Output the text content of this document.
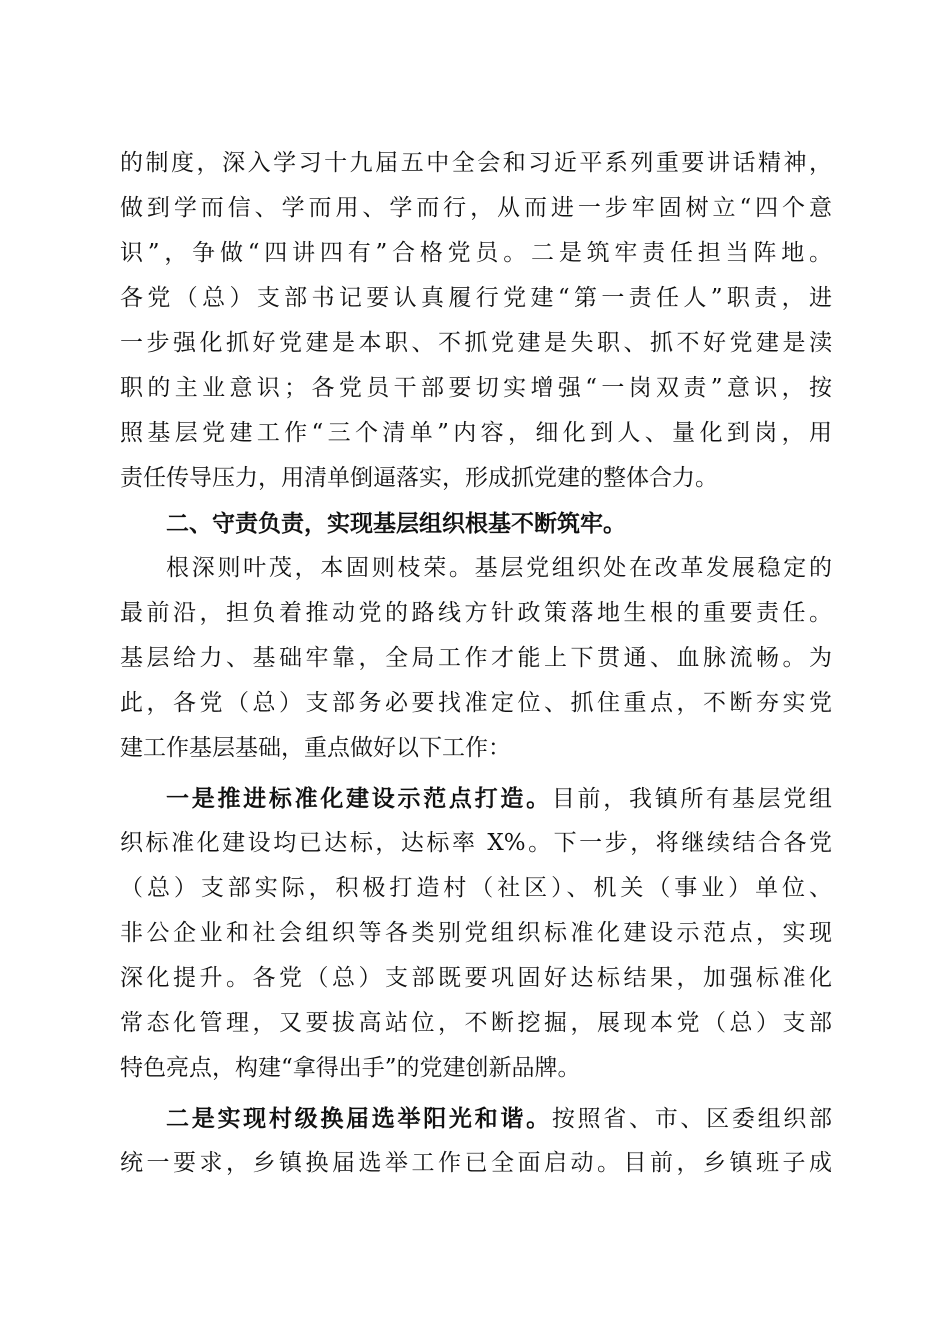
的制度，深入学习十九届五中全会和习近平系列重要讲话精神，
做到学而信、学而用、学而行，从而进一步牢固树立“四个意
识”，争做“四讲四有”合格党员。二是筑牢责任担当阵地。
各党（总）支部书记要认真履行党建“第一责任人”职责，进
一步强化抓好党建是本职、不抓党建是失职、抓不好党建是渎
职的主业意识；各党员干部要切实增强“一岗双责”意识，按
照基层党建工作“三个清单”内容，细化到人、量化到岗，用
责任传导压力，用清单倒逼落实，形成抓党建的整体合力。
二、守责负责，实现基层组织根基不断筑牢。
根深则叶茂，本固则枝荣。基层党组织处在改革发展稳定的
最前沿，担负着推动党的路线方针政策落地生根的重要责任。
基层给力、基础牢靠，全局工作才能上下贯通、血脉流畅。为
此，各党（总）支部务必要找准定位、抓住重点，不断夯实党
建工作基层基础，重点做好以下工作：
一是推进标准化建设示范点打造。目前，我镇所有基层党组
织标准化建设均已达标，达标率 X%。下一步，将继续结合各党
（总）支部实际，积极打造村（社区）、机关（事业）单位、
非公企业和社会组织等各类别党组织标准化建设示范点，实现
深化提升。各党（总）支部既要巩固好达标结果，加强标准化
常态化管理，又要拔高站位，不断挖掘，展现本党（总）支部
特色亮点，构建“拿得出手”的党建创新品牌。
二是实现村级换届选举阳光和谐。按照省、市、区委组织部
统一要求，乡镇换届选举工作已全面启动。目前，乡镇班子成
